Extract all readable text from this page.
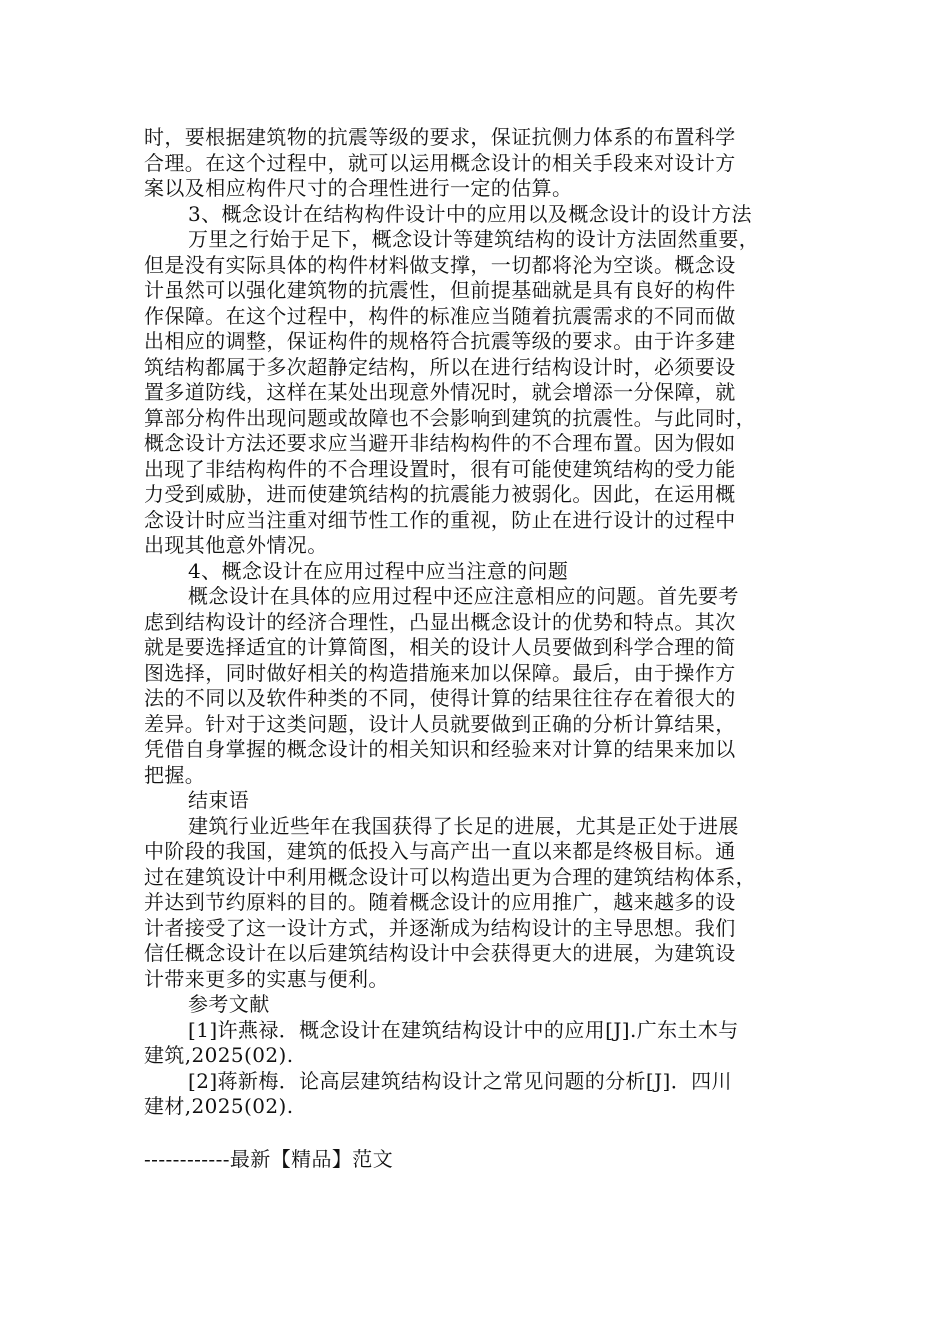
时，要根据建筑物的抗震等级的要求，保证抗侧力体系的布置科学
合理。在这个过程中，就可以运用概念设计的相关手段来对设计方
案以及相应构件尺寸的合理性进行一定的估算。
3、概念设计在结构构件设计中的应用以及概念设计的设计方法
万里之行始于足下，概念设计等建筑结构的设计方法固然重要，
但是没有实际具体的构件材料做支撑，一切都将沦为空谈。概念设
计虽然可以强化建筑物的抗震性，但前提基础就是具有良好的构件
作保障。在这个过程中，构件的标准应当随着抗震需求的不同而做
出相应的调整，保证构件的规格符合抗震等级的要求。由于许多建
筑结构都属于多次超静定结构，所以在进行结构设计时，必须要设
置多道防线，这样在某处出现意外情况时，就会增添一分保障，就
算部分构件出现问题或故障也不会影响到建筑的抗震性。与此同时，
概念设计方法还要求应当避开非结构构件的不合理布置。因为假如
出现了非结构构件的不合理设置时，很有可能使建筑结构的受力能
力受到威胁，进而使建筑结构的抗震能力被弱化。因此，在运用概
念设计时应当注重对细节性工作的重视，防止在进行设计的过程中
出现其他意外情况。
4、概念设计在应用过程中应当注意的问题
概念设计在具体的应用过程中还应注意相应的问题。首先要考
虑到结构设计的经济合理性，凸显出概念设计的优势和特点。其次
就是要选择适宜的计算简图，相关的设计人员要做到科学合理的简
图选择，同时做好相关的构造措施来加以保障。最后，由于操作方
法的不同以及软件种类的不同，使得计算的结果往往存在着很大的
差异。针对于这类问题，设计人员就要做到正确的分析计算结果，
凭借自身掌握的概念设计的相关知识和经验来对计算的结果来加以
把握。
结束语
建筑行业近些年在我国获得了长足的进展，尤其是正处于进展
中阶段的我国，建筑的低投入与高产出一直以来都是终极目标。通
过在建筑设计中利用概念设计可以构造出更为合理的建筑结构体系，
并达到节约原料的目的。随着概念设计的应用推广，越来越多的设
计者接受了这一设计方式，并逐渐成为结构设计的主导思想。我们
信任概念设计在以后建筑结构设计中会获得更大的进展，为建筑设
计带来更多的实惠与便利。
参考文献
[1]许燕禄．概念设计在建筑结构设计中的应用[J].广东土木与
建筑,2025(02).
[2]蒋新梅．论高层建筑结构设计之常见问题的分析[J]．四川
建材,2025(02).
------------最新【精品】范文
